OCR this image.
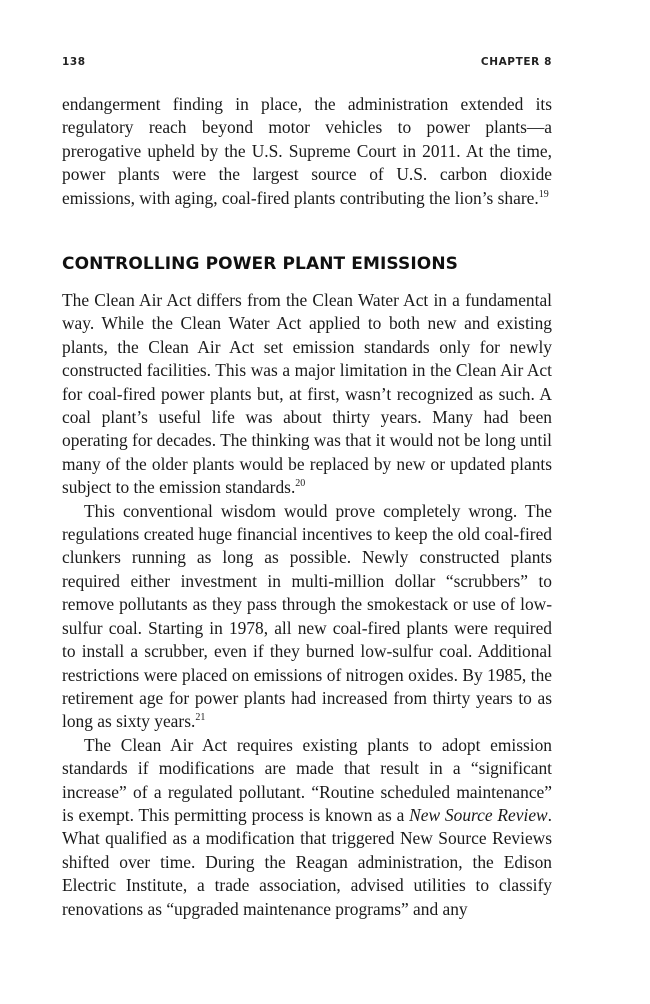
138	CHAPTER 8

endangerment finding in place, the administration extended its regulatory reach beyond motor vehicles to power plants—a prerogative upheld by the U.S. Supreme Court in 2011. At the time, power plants were the largest source of U.S. carbon dioxide emissions, with aging, coal-fired plants contributing the lion’s share.$^{19}$

CONTROLLING POWER PLANT EMISSIONS

The Clean Air Act differs from the Clean Water Act in a fundamental way. While the Clean Water Act applied to both new and existing plants, the Clean Air Act set emission standards only for newly constructed facilities. This was a major limitation in the Clean Air Act for coal-fired power plants but, at first, wasn’t recognized as such. A coal plant’s useful life was about thirty years. Many had been operating for decades. The thinking was that it would not be long until many of the older plants would be replaced by new or updated plants subject to the emission standards.$^{20}$

This conventional wisdom would prove completely wrong. The regulations created huge financial incentives to keep the old coal-fired clunkers running as long as possible. Newly constructed plants required either investment in multi-million dollar “scrubbers” to remove pollutants as they pass through the smokestack or use of low-sulfur coal. Starting in 1978, all new coal-fired plants were required to install a scrubber, even if they burned low-sulfur coal. Additional restrictions were placed on emissions of nitrogen oxides. By 1985, the retirement age for power plants had increased from thirty years to as long as sixty years.$^{21}$

The Clean Air Act requires existing plants to adopt emission standards if modifications are made that result in a “significant increase” of a regulated pollutant. “Routine scheduled maintenance” is exempt. This permitting process is known as a New Source Review. What qualified as a modification that triggered New Source Reviews shifted over time. During the Reagan administration, the Edison Electric Institute, a trade association, advised utilities to classify renovations as “upgraded maintenance programs” and any
